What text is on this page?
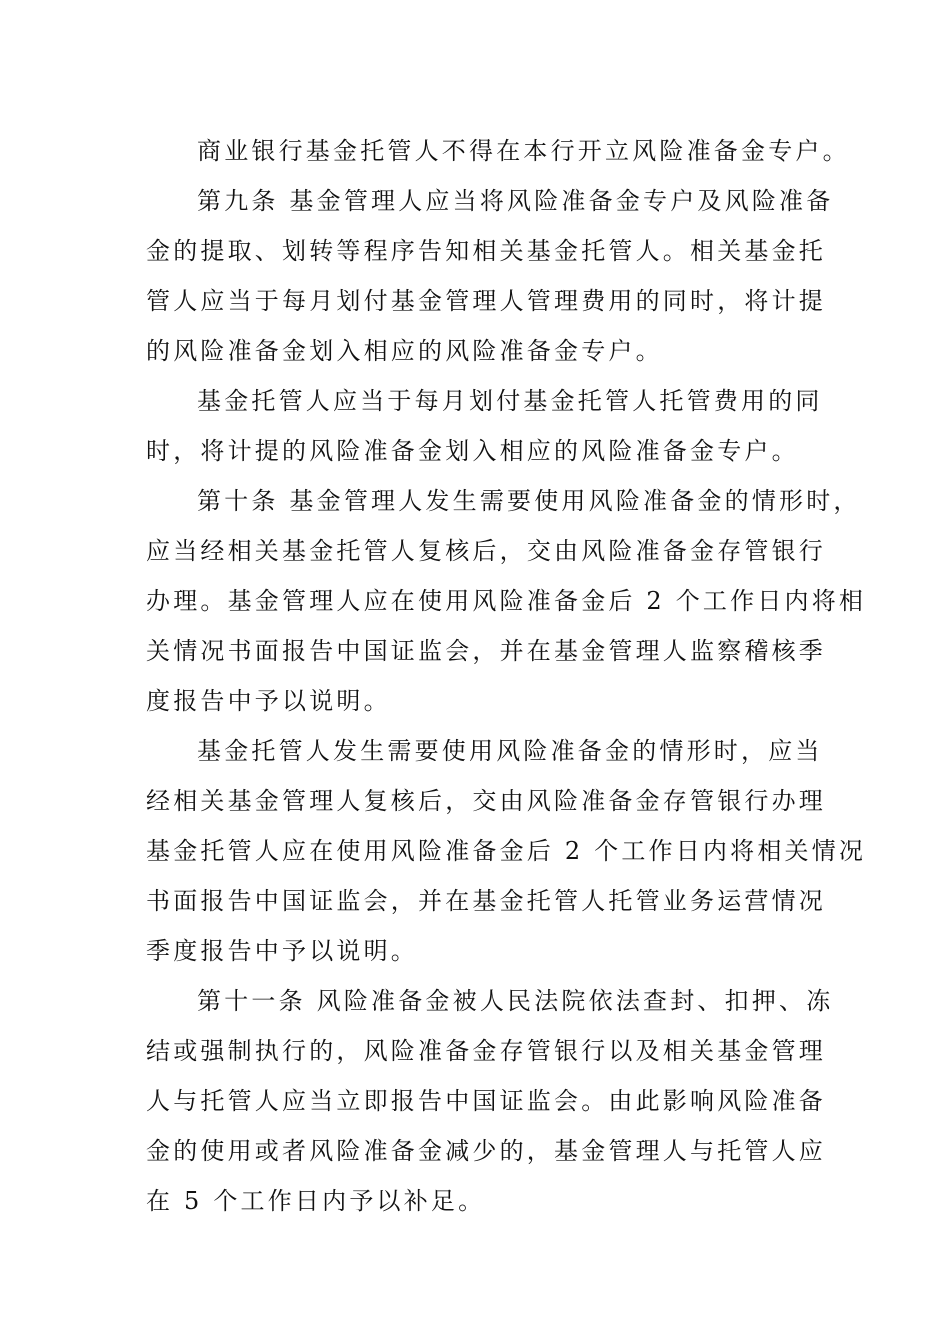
商业银行基金托管人不得在本行开立风险准备金专户。
第九条 基金管理人应当将风险准备金专户及风险准备
金的提取、划转等程序告知相关基金托管人。相关基金托
管人应当于每月划付基金管理人管理费用的同时，将计提
的风险准备金划入相应的风险准备金专户。
基金托管人应当于每月划付基金托管人托管费用的同
时，将计提的风险准备金划入相应的风险准备金专户。
第十条 基金管理人发生需要使用风险准备金的情形时，
应当经相关基金托管人复核后，交由风险准备金存管银行
办理。基金管理人应在使用风险准备金后 2 个工作日内将相
关情况书面报告中国证监会，并在基金管理人监察稽核季
度报告中予以说明。
基金托管人发生需要使用风险准备金的情形时，应当
经相关基金管理人复核后，交由风险准备金存管银行办理
基金托管人应在使用风险准备金后 2 个工作日内将相关情况
书面报告中国证监会，并在基金托管人托管业务运营情况
季度报告中予以说明。
第十一条 风险准备金被人民法院依法查封、扣押、冻
结或强制执行的，风险准备金存管银行以及相关基金管理
人与托管人应当立即报告中国证监会。由此影响风险准备
金的使用或者风险准备金减少的，基金管理人与托管人应
在 5 个工作日内予以补足。
